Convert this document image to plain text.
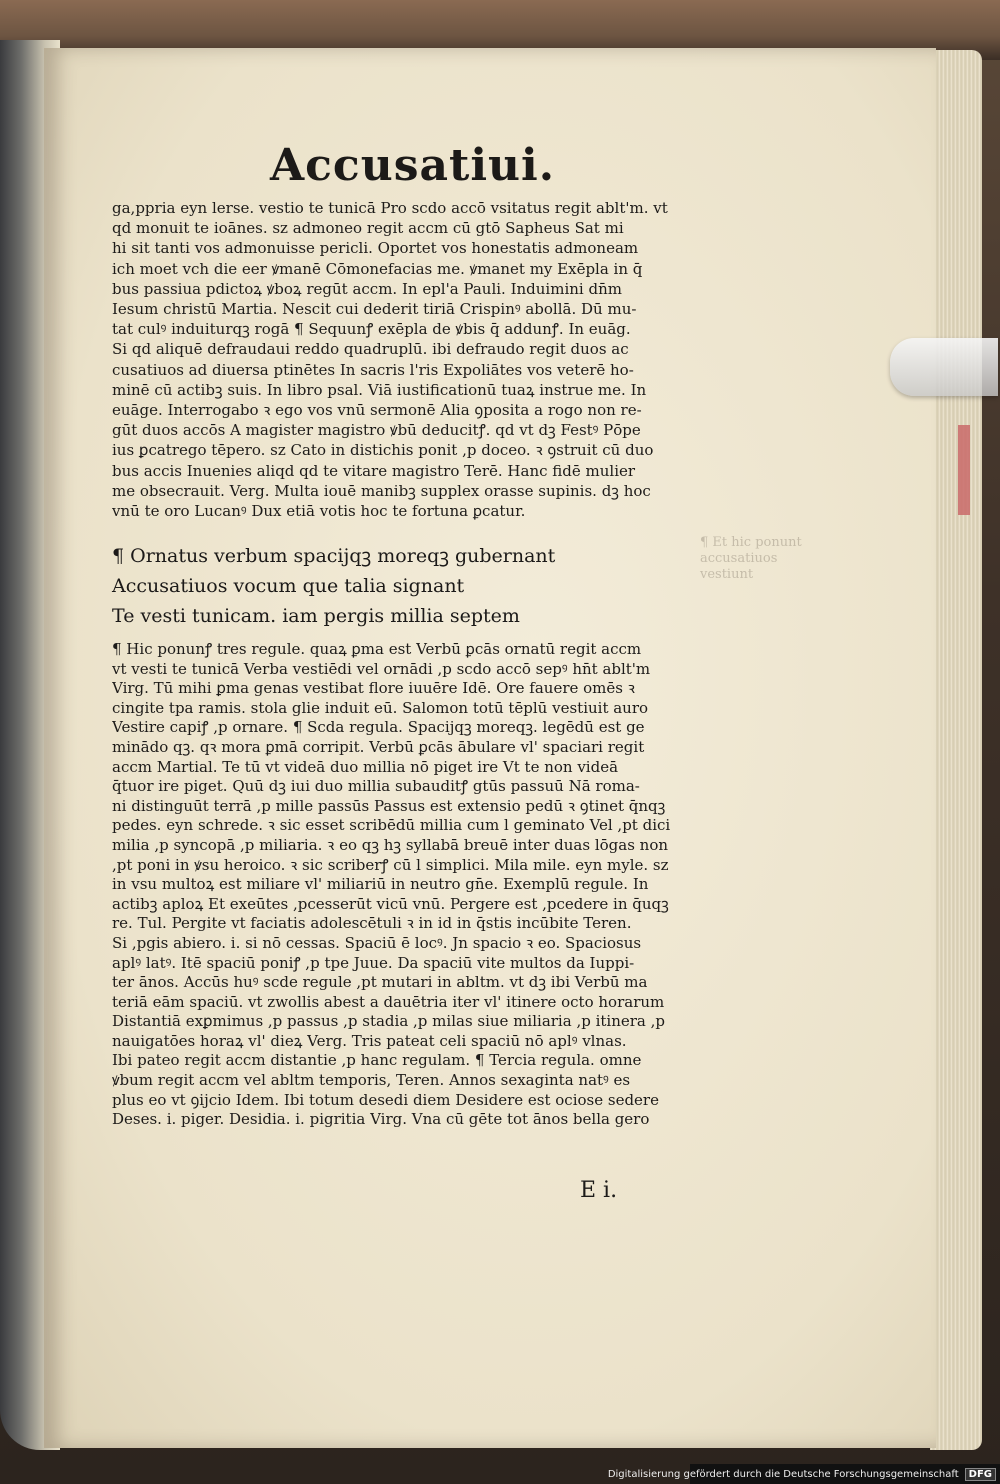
Accusatiui.
ga,ppria eyn lerse. vestio te tunicā Pro scdo accō vsitatus regit ablt'm. vt
qd monuit te ioānes. sz admoneo regit accm cū gtō Sapheus Sat mi
hi sit tanti vos admonuisse pericli. Oportet vos honestatis admoneam
ich moet vch die eer ꝟmanē Cōmonefacias me. ꝟmanet my Exēpla in q̄
bus passiua pdictoꝝ ꝟboꝝ regūt accm. In epl'a Pauli. Induimini dn̄m
Iesum christū Martia. Nescit cui dederit tiriā Crispinꝰ abollā. Dū mu-
tat culꝰ induiturqꝫ rogā ¶ Sequunꝭ exēpla de ꝟbis q̄ addunꝭ. In euāg.
Si qd aliquē defraudaui reddo quadruplū. ibi defraudo regit duos ac
cusatiuos ad diuersa ptinētes In sacris l'ris Expoliātes vos veterē ho-
minē cū actibꝫ suis. In libro psal. Viā iustificationū tuaꝝ instrue me. In
euāge. Interrogabo ꝛ ego vos vnū sermonē Alia ꝯposita a rogo non re-
gūt duos accōs A magister magistro ꝟbū deducitꝭ. qd vt dꝫ Festꝰ Pōpe
ius ꝑcatrego tēpero. sz Cato in distichis ponit ,p doceo. ꝛ ꝯstruit cū duo
bus accis Inuenies aliqd qd te vitare magistro Terē. Hanc fidē mulier
me obsecrauit. Verg. Multa iouē manibꝫ supplex orasse supinis. dꝫ hoc
vnū te oro Lucanꝰ Dux etiā votis hoc te fortuna ꝑcatur.
¶ Et hic ponunt
accusatiuos
vestiunt
¶ Ornatus verbum spacijqꝫ moreqꝫ gubernant
Accusatiuos vocum que talia signant
Te vesti tunicam. iam pergis millia septem
¶ Hic ponunꝭ tres regule. quaꝝ ꝑma est Verbū ꝑcās ornatū regit accm
vt vesti te tunicā Verba vestiēdi vel ornādi ,p scdo accō sepꝰ hn̄t ablt'm
Virg. Tū mihi ꝑma genas vestibat flore iuuēre Idē. Ore fauere omēs ꝛ
cingite tpa ramis. stola glie induit eū. Salomon totū tēplū vestiuit auro
Vestire capiꝭ ,p ornare. ¶ Scda regula. Spacijqꝫ moreqꝫ. legēdū est ge
minādo qꝫ. qꝛ mora ꝑmā corripit. Verbū ꝑcās ābulare vl' spaciari regit
accm Martial. Te tū vt videā duo millia nō piget ire Vt te non videā
q̄tuor ire piget. Quū dꝫ iui duo millia subauditꝭ gtūs passuū Nā roma-
ni distinguūt terrā ,p mille passūs Passus est extensio pedū ꝛ ꝯtinet q̄nqꝫ
pedes. eyn schrede. ꝛ sic esset scribēdū millia cum l geminato Vel ,pt dici
milia ,p syncopā ,p miliaria. ꝛ eo qꝫ hꝫ syllabā breuē inter duas lōgas non
,pt poni in ꝟsu heroico. ꝛ sic scriberꝭ cū l simplici. Mila mile. eyn myle. sz
in vsu multoꝝ est miliare vl' miliariū in neutro gn̄e. Exemplū regule. In
actibꝫ aploꝝ Et exeūtes ,pcesserūt vicū vnū. Pergere est ,pcedere in q̄uqꝫ
re. Tul. Pergite vt faciatis adolescētuli ꝛ in id in q̄stis incūbite Teren.
Si ,pgis abiero. i. si nō cessas. Spaciū ē locꝰ. Jn spacio ꝛ eo. Spaciosus
aplꝰ latꝰ. Itē spaciū poniꝭ ,p tpe Juue. Da spaciū vite multos da Iuppi-
ter ānos. Accūs huꝰ scde regule ,pt mutari in abltm. vt dꝫ ibi Verbū ma
teriā eām spaciū. vt zwollis abest a dauētria iter vl' itinere octo horarum
Distantiā exꝑmimus ,p passus ,p stadia ,p milas siue miliaria ,p itinera ,p
nauigatōes horaꝝ vl' dieꝝ Verg. Tris pateat celi spaciū nō aplꝰ vlnas.
Ibi pateo regit accm distantie ,p hanc regulam. ¶ Tercia regula. omne
ꝟbum regit accm vel abltm temporis, Teren. Annos sexaginta natꝰ es
plus eo vt ꝯijcio Idem. Ibi totum desedi diem Desidere est ociose sedere
Deses. i. piger. Desidia. i. pigritia Virg. Vna cū gēte tot ānos bella gero
E i.
Digitalisierung gefördert durch die Deutsche Forschungsgemeinschaft	DFG
